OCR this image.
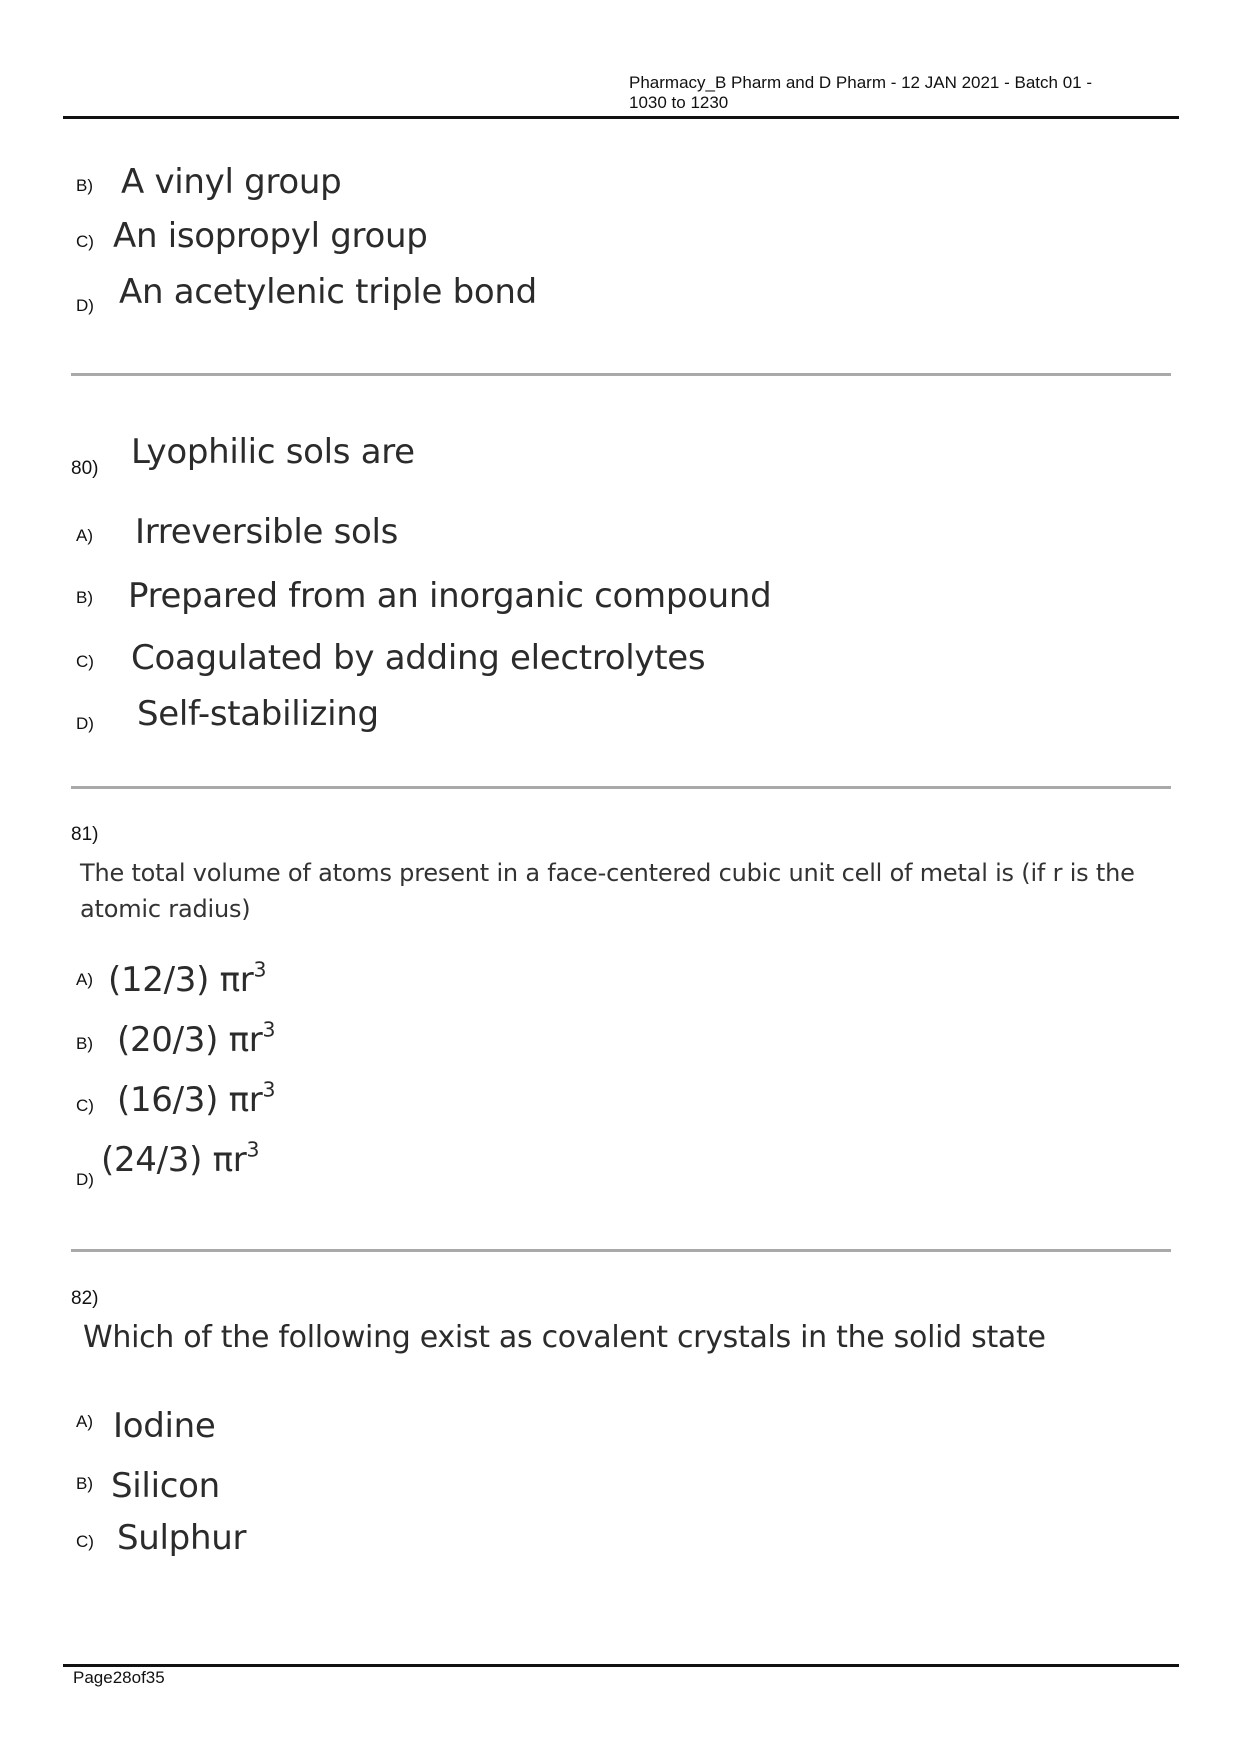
Pharmacy_B Pharm and D Pharm - 12 JAN 2021 - Batch 01 -
1030 to 1230
B) A vinyl group
C) An isopropyl group
D) An acetylenic triple bond
80) Lyophilic sols are
A) Irreversible sols
B) Prepared from an inorganic compound
C) Coagulated by adding electrolytes
D) Self-stabilizing
81)
The total volume of atoms present in a face-centered cubic unit cell of metal is (if r is the atomic radius)
A) (12/3) $\pi r^3$
B) (20/3) $\pi r^3$
C) (16/3) $\pi r^3$
D) (24/3) $\pi r^3$
82)
Which of the following exist as covalent crystals in the solid state
A) Iodine
B) Silicon
C) Sulphur
Page28of35
